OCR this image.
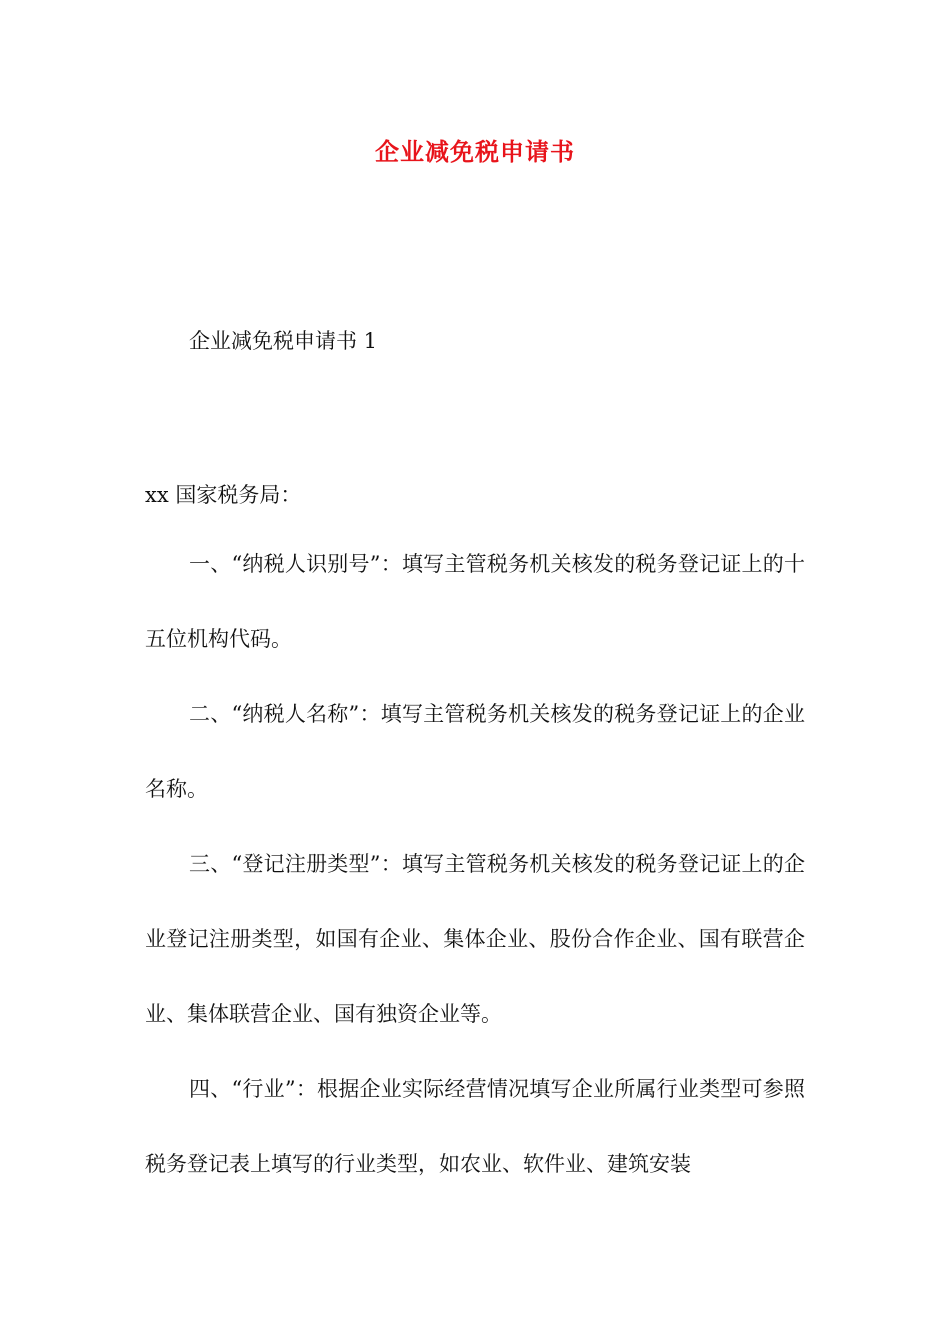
企业减免税申请书
企业减免税申请书 1
xx 国家税务局：
一、“纳税人识别号”：填写主管税务机关核发的税务登记证上的十五位机构代码。
二、“纳税人名称”：填写主管税务机关核发的税务登记证上的企业名称。
三、“登记注册类型”：填写主管税务机关核发的税务登记证上的企业登记注册类型，如国有企业、集体企业、股份合作企业、国有联营企业、集体联营企业、国有独资企业等。
四、“行业”：根据企业实际经营情况填写企业所属行业类型可参照税务登记表上填写的行业类型，如农业、软件业、建筑安装
